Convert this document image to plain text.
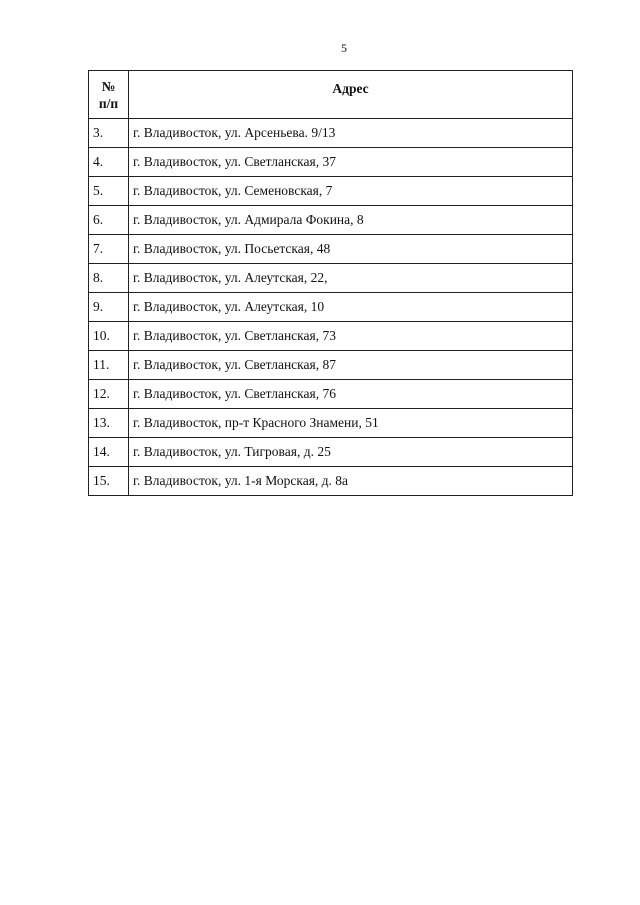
5
№
п/п	Адрес
3.	г. Владивосток, ул. Арсеньева. 9/13
4.	г. Владивосток, ул. Светланская, 37
5.	г. Владивосток, ул. Семеновская, 7
6.	г. Владивосток, ул. Адмирала Фокина, 8
7.	г. Владивосток, ул. Посьетская, 48
8.	г. Владивосток, ул. Алеутская, 22,
9.	г. Владивосток, ул. Алеутская, 10
10.	г. Владивосток, ул. Светланская, 73
11.	г. Владивосток, ул. Светланская, 87
12.	г. Владивосток, ул. Светланская, 76
13.	г. Владивосток, пр-т Красного Знамени, 51
14.	г. Владивосток, ул. Тигровая, д. 25
15.	г. Владивосток, ул. 1-я Морская, д. 8а
